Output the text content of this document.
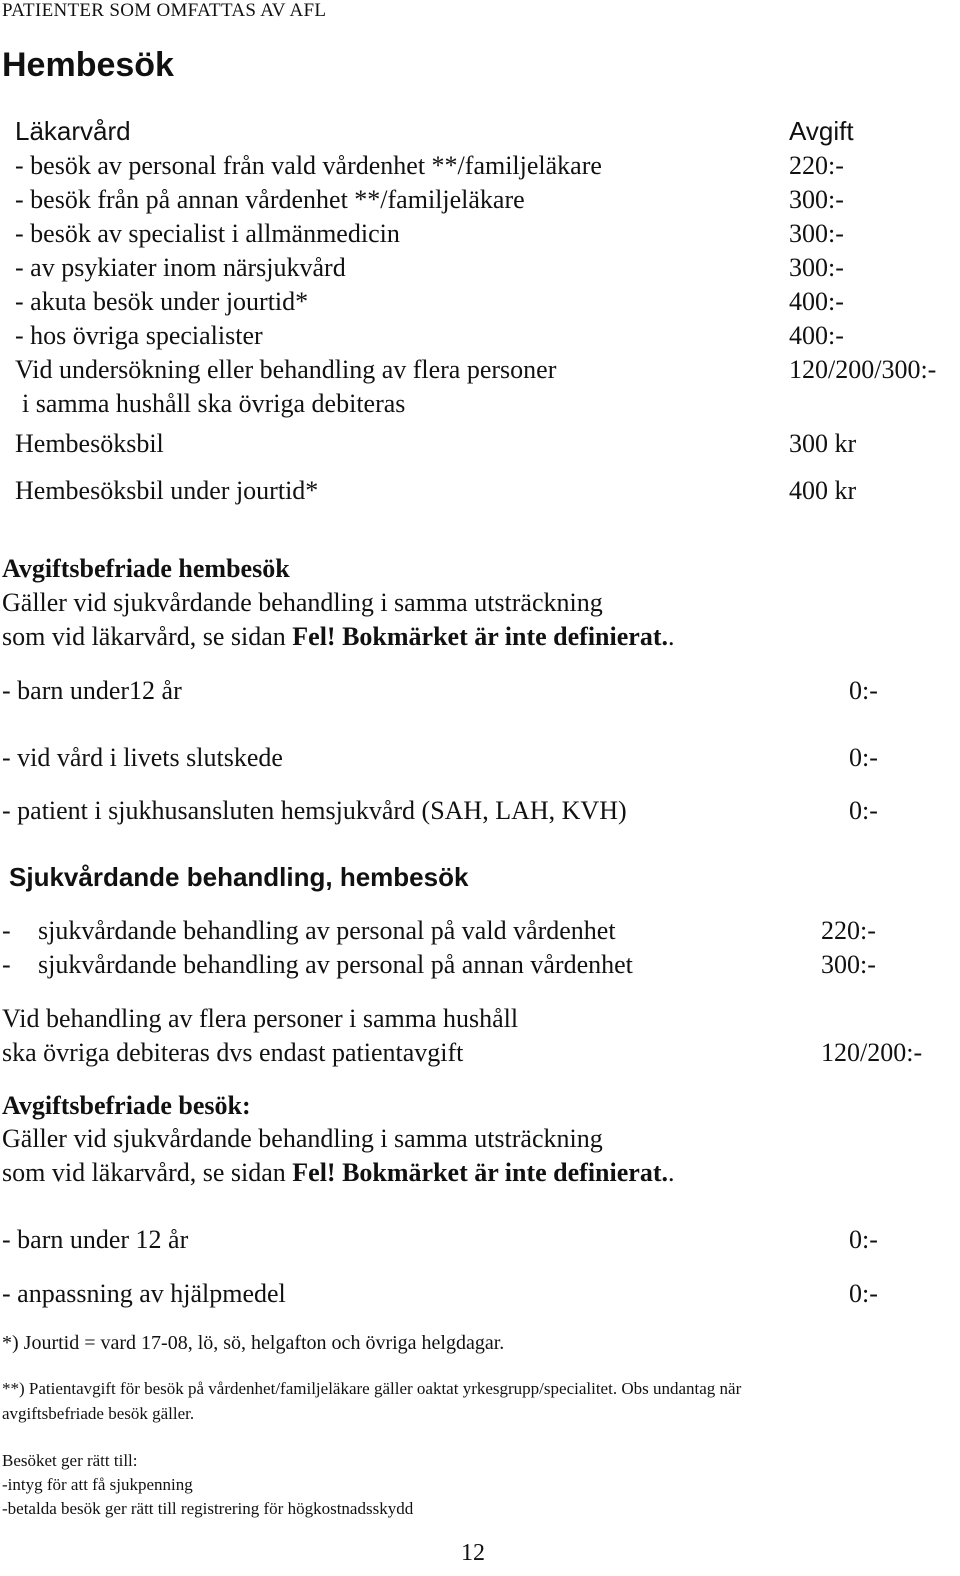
PATIENTER SOM OMFATTAS AV AFL
Hembesök
Läkarvård	Avgift
- besök av personal från vald vårdenhet **/familjeläkare	220:-
- besök från på annan vårdenhet **/familjeläkare	300:-
- besök av specialist i allmänmedicin	300:-
- av psykiater inom närsjukvård	300:-
- akuta besök under jourtid*	400:-
- hos övriga specialister	400:-
Vid undersökning eller behandling av flera personer	120/200/300:-
i samma hushåll ska övriga debiteras
Hembesöksbil	300 kr
Hembesöksbil under jourtid*	400 kr
Avgiftsbefriade hembesök
Gäller vid sjukvårdande behandling i samma utsträckning
som vid läkarvård, se sidan Fel! Bokmärket är inte definierat..
- barn under12 år	0:-
- vid vård i livets slutskede	0:-
- patient i sjukhusansluten hemsjukvård (SAH, LAH, KVH)	0:-
Sjukvårdande behandling, hembesök
- sjukvårdande behandling av personal på vald vårdenhet	220:-
- sjukvårdande behandling av personal på annan vårdenhet	300:-
Vid behandling av flera personer i samma hushåll
ska övriga debiteras dvs endast patientavgift	120/200:-
Avgiftsbefriade besök:
Gäller vid sjukvårdande behandling i samma utsträckning
som vid läkarvård, se sidan Fel! Bokmärket är inte definierat..
- barn under 12 år	0:-
- anpassning av hjälpmedel	0:-
*) Jourtid = vard 17-08, lö, sö, helgafton och övriga helgdagar.
**) Patientavgift för besök på vårdenhet/familjeläkare gäller oaktat yrkesgrupp/specialitet. Obs undantag när
avgiftsbefriade besök gäller.
Besöket ger rätt till:
-intyg för att få sjukpenning
-betalda besök ger rätt till registrering för högkostnadsskydd
12
